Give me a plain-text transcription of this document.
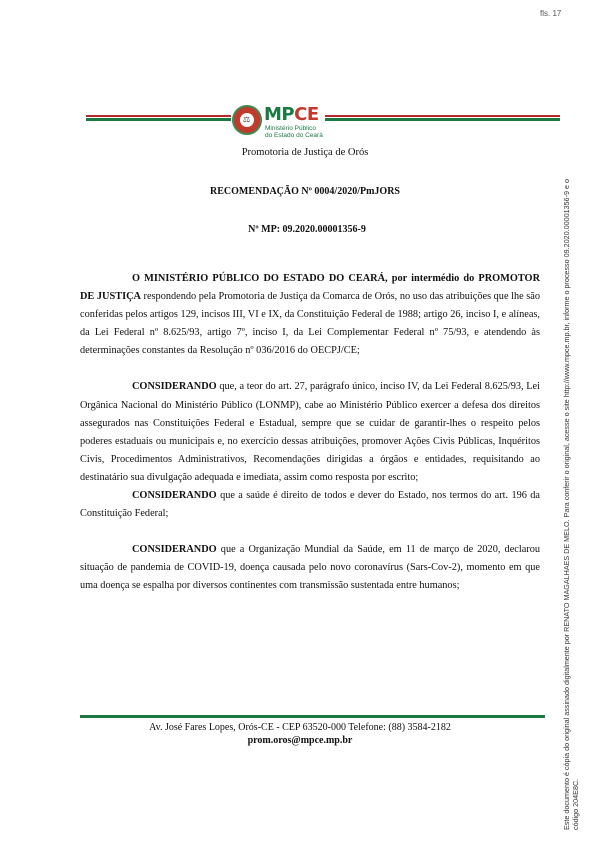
fls. 17
⚖ MPCE
Ministério Público
do Estado do Ceará
Promotoria de Justiça de Orós
RECOMENDAÇÃO Nº 0004/2020/PmJORS
Nº MP: 09.2020.00001356-9

O MINISTÉRIO PÚBLICO DO ESTADO DO CEARÁ, por intermédio do PROMOTOR DE JUSTIÇA respondendo pela Promotoria de Justiça da Comarca de Orós, no uso das atribuições que lhe são conferidas pelos artigos 129, incisos III, VI e IX, da Constituição Federal de 1988; artigo 26, inciso I, e alíneas, da Lei Federal nº 8.625/93, artigo 7º, inciso I, da Lei Complementar Federal nº 75/93, e atendendo às determinações constantes da Resolução nº 036/2016 do OECPJ/CE;

CONSIDERANDO que, a teor do art. 27, parágrafo único, inciso IV, da Lei Federal 8.625/93, Lei Orgânica Nacional do Ministério Público (LONMP), cabe ao Ministério Público exercer a defesa dos direitos assegurados nas Constituições Federal e Estadual, sempre que se cuidar de garantir-lhes o respeito pelos poderes estaduais ou municipais e, no exercício dessas atribuições, promover Ações Civis Públicas, Inquéritos Civis, Procedimentos Administrativos, Recomendações dirigidas a órgãos e entidades, requisitando ao destinatário sua divulgação adequada e imediata, assim como resposta por escrito;

CONSIDERANDO que a saúde é direito de todos e dever do Estado, nos termos do art. 196 da Constituição Federal;

CONSIDERANDO que a Organização Mundial da Saúde, em 11 de março de 2020, declarou situação de pandemia de COVID-19, doença causada pelo novo coronavírus (Sars-Cov-2), momento em que uma doença se espalha por diversos continentes com transmissão sustentada entre humanos;

Av. José Fares Lopes, Orós-CE - CEP 63520-000 Telefone: (88) 3584-2182
prom.oros@mpce.mp.br	Este documento é cópia do original assinado digitalmente por RENATO MAGALHAES DE MELO. Para conferir o original, acesse o site http://www.mpce.mp.br, informe o processo 09.2020.00001356-9 e o código 204E8C.
